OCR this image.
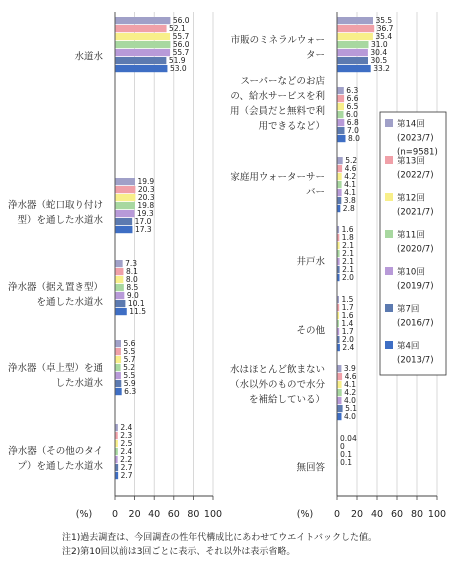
0 20 40 60 80 100
(%)
水道水
56.0
52.1
55.7
56.0
55.7
51.9
53.0
浄水器（蛇口取り付け
型）を通した水道水
19.9
20.3
20.3
19.8
19.3
17.0
17.3
浄水器（据え置き型）
を通した水道水
7.3
8.1
8.0
8.5
9.0
10.1
11.5
浄水器（卓上型）を通
した水道水
5.6
5.5
5.7
5.2
5.5
5.9
6.3
浄水器（その他のタイ
プ）を通した水道水
2.4
2.3
2.5
2.4
2.2
2.7
2.7
0 20 40 60 80 100
(%)
市販のミネラルウォー
ター
35.5
36.7
35.4
31.0
30.4
30.5
33.2
スーパーなどのお店
の、給水サービスを利
用（会員だと無料で利
用できるなど）
6.3
6.6
6.5
6.0
6.8
7.0
8.0
家庭用ウォーターサー
バー
5.2
4.6
4.2
4.1
4.1
3.8
2.8
井戸水
1.6
1.8
2.1
2.1
2.1
2.1
2.0
その他
1.5
1.7
1.6
1.4
1.7
2.0
2.4
水はほとんど飲まない
（水以外のもので水分
を補給している）
3.9
4.6
4.1
4.2
4.0
5.1
4.0
無回答
0.04
0
0.1
0.1
第14回
(2023/7)
(n=9581)
第13回
(2022/7)
第12回
(2021/7)
第11回
(2020/7)
第10回
(2019/7)
第7回
(2016/7)
第4回
(2013/7)
注1)過去調査は、今回調査の性年代構成比にあわせてウエイトバックした値。
注2)第10回以前は3回ごとに表示、それ以外は表示省略。
